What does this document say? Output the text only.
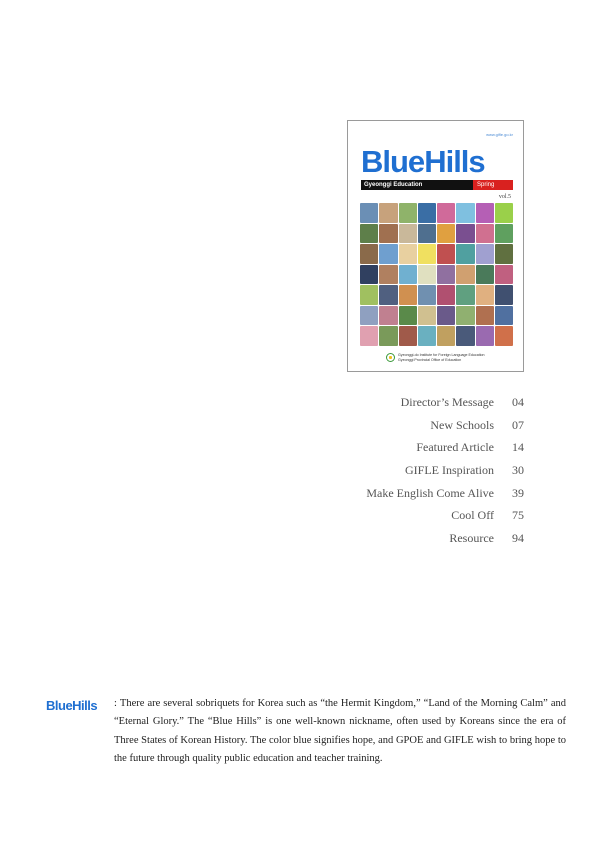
www.gifle.go.kr
BlueHills
Gyeonggi Education	Spring 2010	vol.5
Gyeonggi-do Institute for Foreign Language Education
Gyeonggi Provincial Office of Education
Director’s Message	04
New Schools	07
Featured Article	14
GIFLE Inspiration	30
Make English Come Alive	39
Cool Off	75
Resource	94
BlueHills : There are several sobriquets for Korea such as “the Hermit Kingdom,” “Land of the Morning Calm” and “Eternal Glory.” The “Blue Hills” is one well-known nickname, often used by Koreans since the era of Three States of Korean History. The color blue signifies hope, and GPOE and GIFLE wish to bring hope to the future through quality public education and teacher training.
